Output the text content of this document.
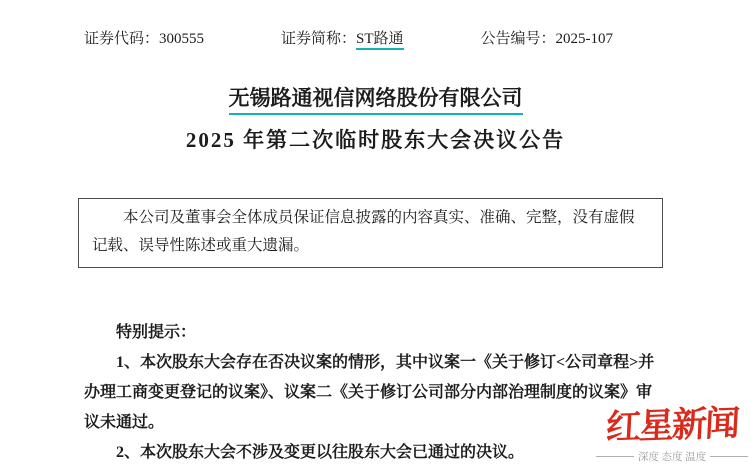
证券代码：300555	证券简称：ST路通	公告编号：2025-107
无锡路通视信网络股份有限公司
2025 年第二次临时股东大会决议公告

本公司及董事会全体成员保证信息披露的内容真实、准确、完整，没有虚假记载、误导性陈述或重大遗漏。

特别提示：

1、本次股东大会存在否决议案的情形，其中议案一《关于修订<公司章程>并办理工商变更登记的议案》、议案二《关于修订公司部分内部治理制度的议案》审议未通过。

2、本次股东大会不涉及变更以往股东大会已通过的决议。

红星新闻
深度 态度 温度
